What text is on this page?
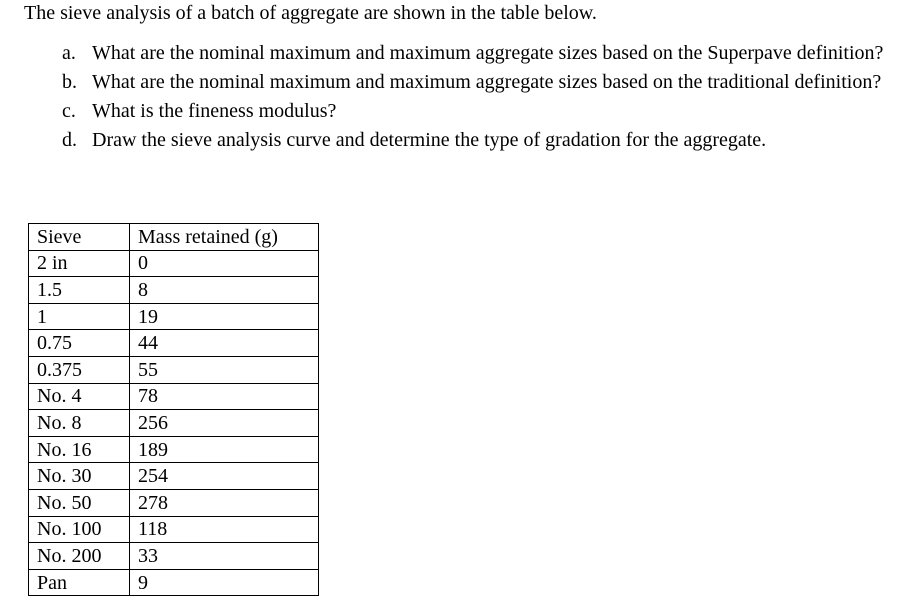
The sieve analysis of a batch of aggregate are shown in the table below.
a. What are the nominal maximum and maximum aggregate sizes based on the Superpave definition?
b. What are the nominal maximum and maximum aggregate sizes based on the traditional definition?
c. What is the fineness modulus?
d. Draw the sieve analysis curve and determine the type of gradation for the aggregate.
Sieve	Mass retained (g)
2 in	0
1.5	8
1	19
0.75	44
0.375	55
No. 4	78
No. 8	256
No. 16	189
No. 30	254
No. 50	278
No. 100	118
No. 200	33
Pan	9
